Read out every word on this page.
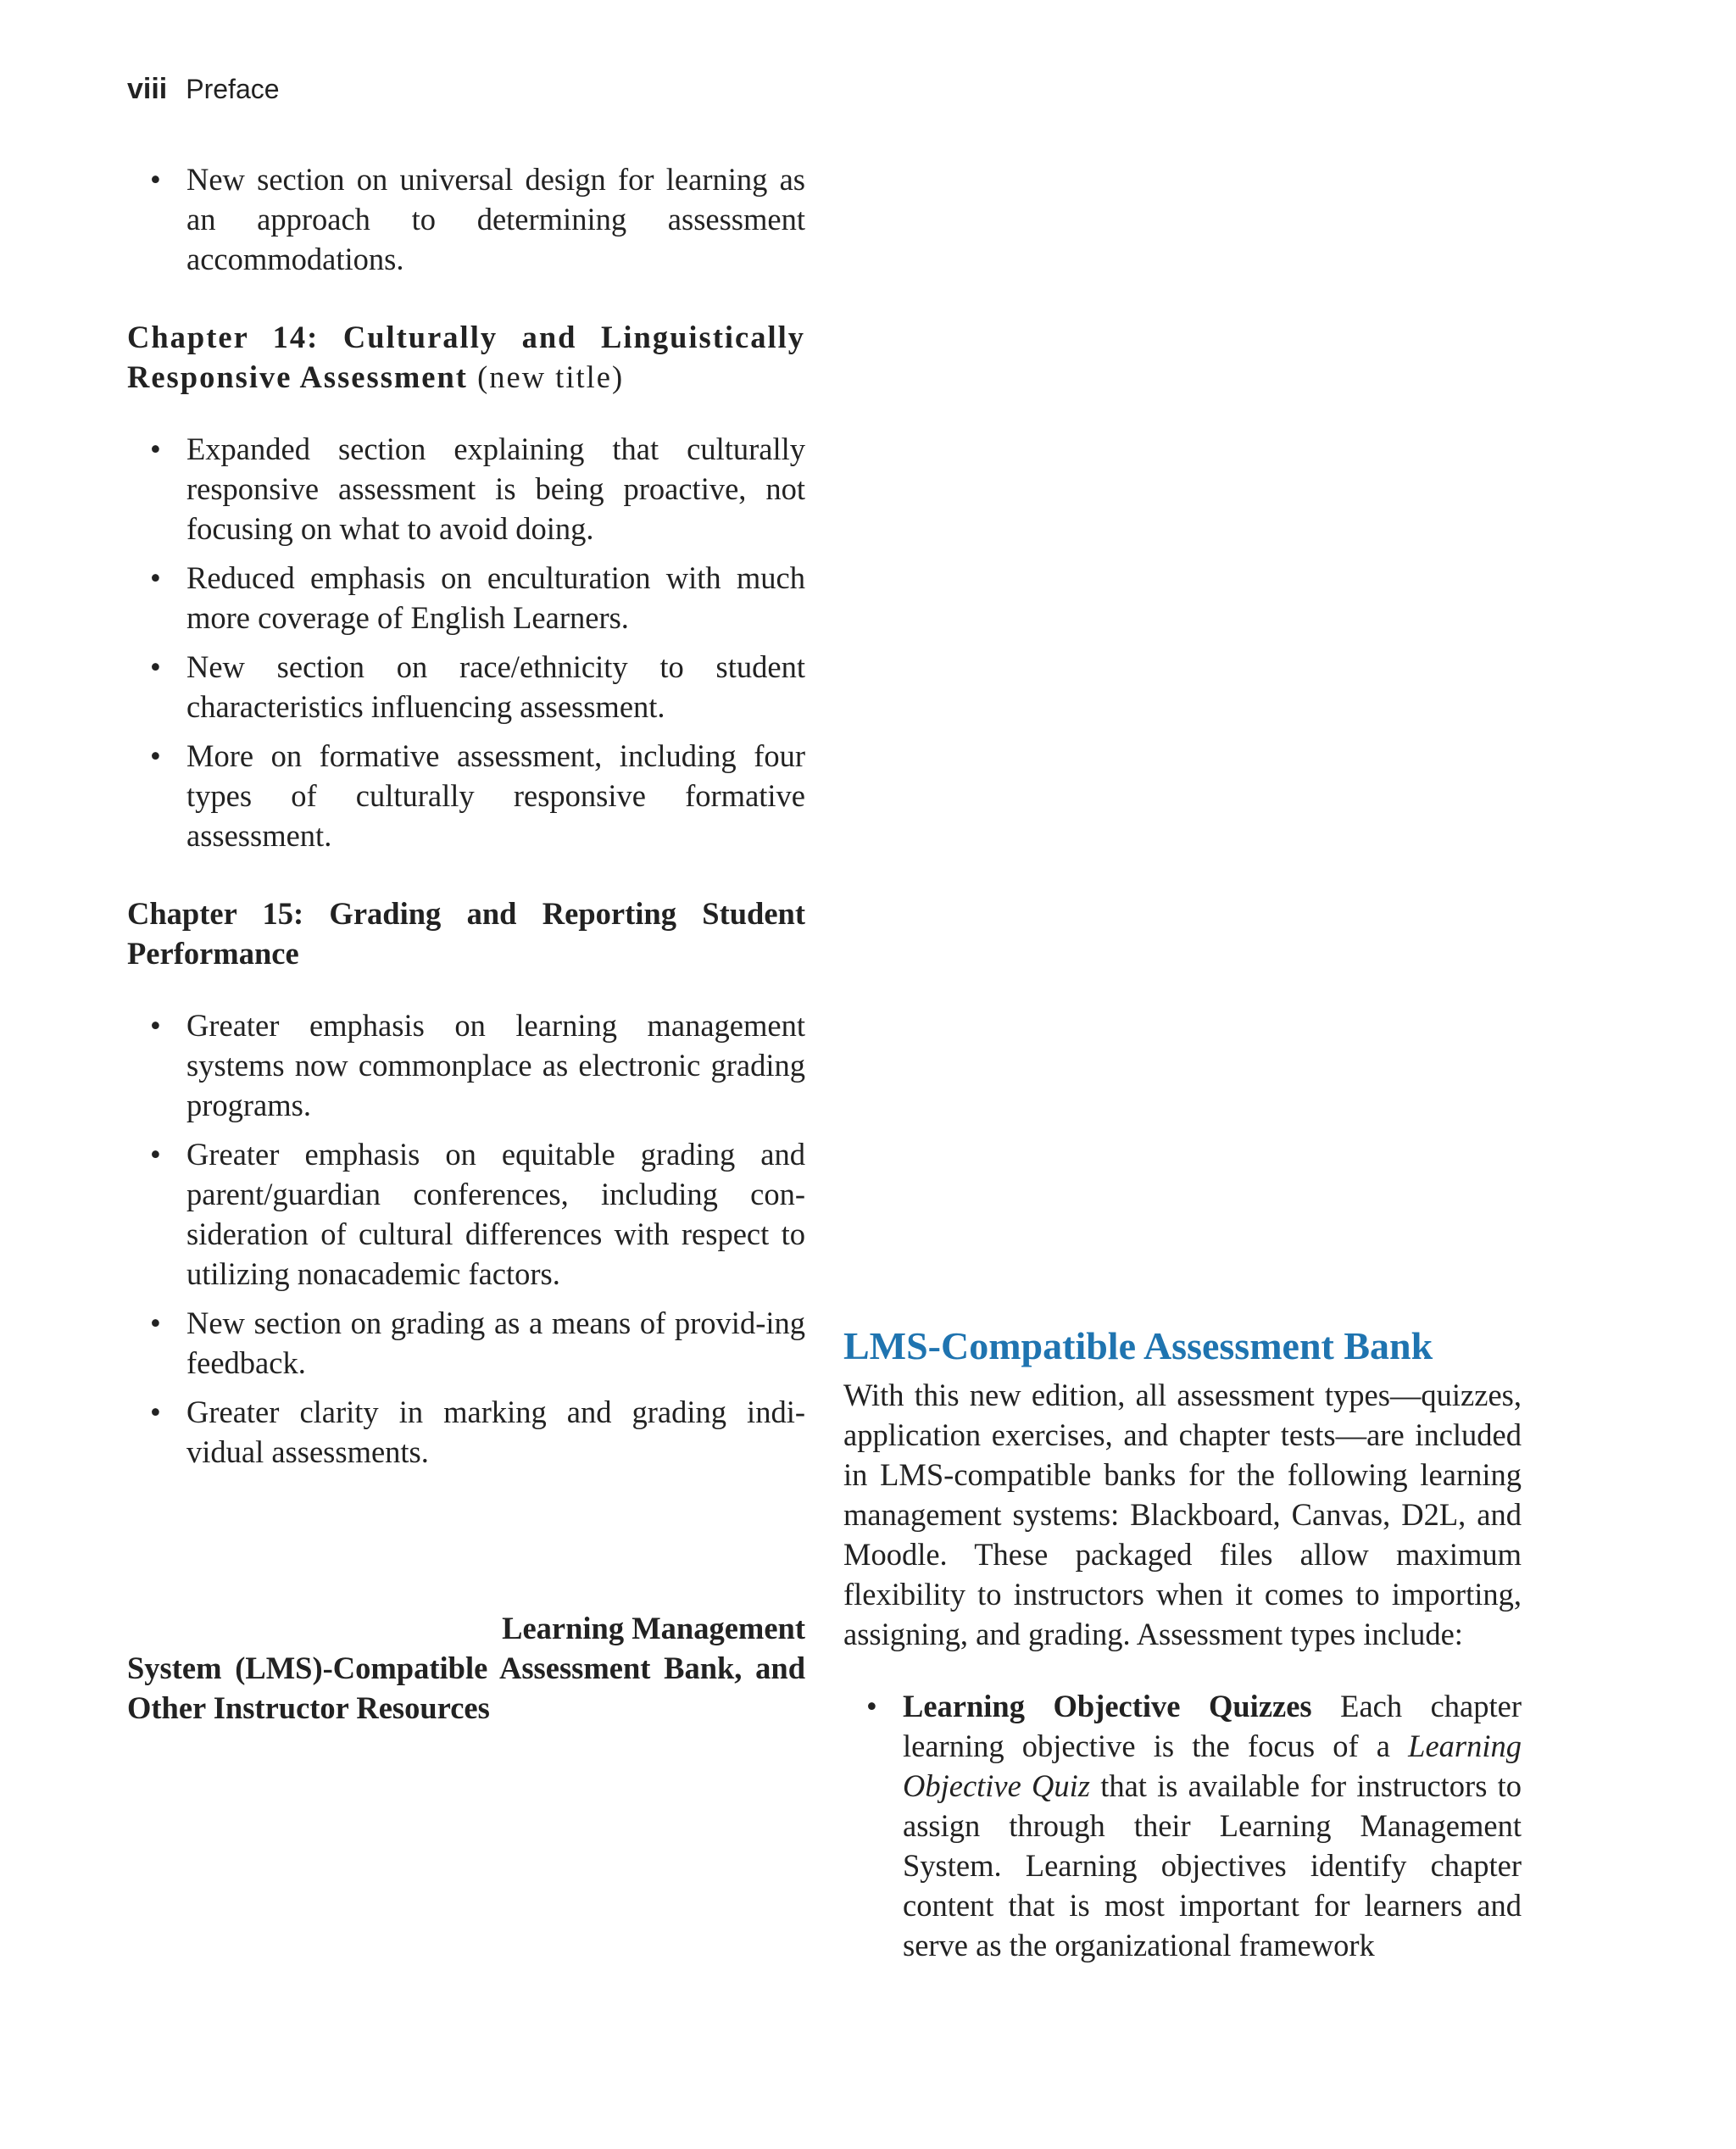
viii Preface
• New section on universal design for learning as an approach to determining assessment accommodations.

Chapter 14: Culturally and Linguistically Responsive Assessment (new title)

• Expanded section explaining that culturally responsive assessment is being proactive, not focusing on what to avoid doing.
• Reduced emphasis on enculturation with much more coverage of English Learners.
• New section on race/ethnicity to student characteristics influencing assessment.
• More on formative assessment, including four types of culturally responsive formative assessment.

Chapter 15: Grading and Reporting Student Performance

• Greater emphasis on learning management systems now commonplace as electronic grading programs.
• Greater emphasis on equitable grading and parent/guardian conferences, including con-sideration of cultural differences with respect to utilizing nonacademic factors.
• New section on grading as a means of provid-ing feedback.
• Greater clarity in marking and grading indi-vidual assessments.

Learning Management

System (LMS)-Compatible Assessment Bank, and Other Instructor Resources

LMS-Compatible Assessment Bank

With this new edition, all assessment types—quizzes, application exercises, and chapter tests—are included in LMS-compatible banks for the following learning management systems: Blackboard, Canvas, D2L, and Moodle. These packaged files allow maximum flexibility to instructors when it comes to importing, assigning, and grading. Assessment types include:

• Learning Objective Quizzes Each chapter learning objective is the focus of a Learning Objective Quiz that is available for instructors to assign through their Learning Management System. Learning objectives identify chapter content that is most important for learners and serve as the organizational framework
